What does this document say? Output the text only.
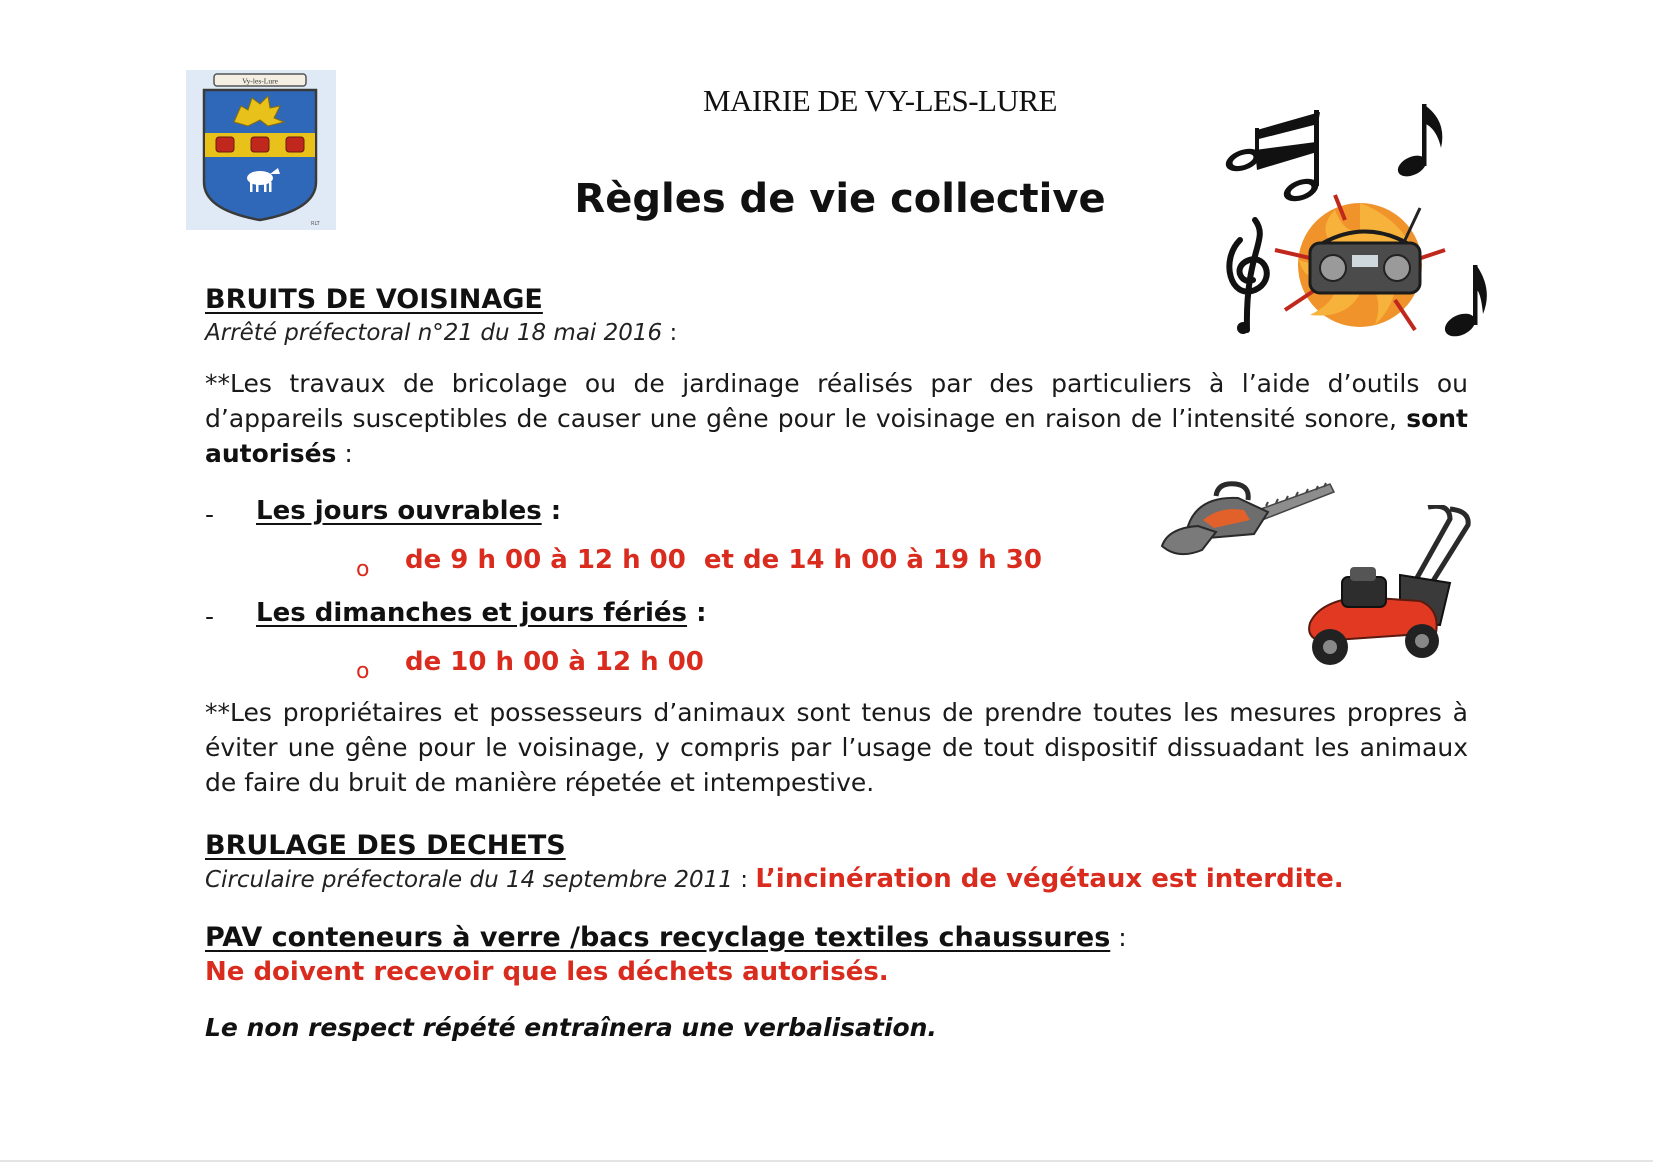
Vy-les-Lure
RLT
MAIRIE DE VY-LES-LURE
Règles de vie collective
BRUITS DE VOISINAGE
Arrêté préfectoral n°21 du 18 mai 2016 :
**Les travaux de bricolage ou de jardinage réalisés par des particuliers à l’aide d’outils ou d’appareils susceptibles de causer une gêne pour le voisinage en raison de l’intensité sonore, sont autorisés :
- Les jours ouvrables :
o de 9 h 00 à 12 h 00  et de 14 h 00 à 19 h 30
- Les dimanches et jours fériés :
o de 10 h 00 à 12 h 00
**Les propriétaires et possesseurs d’animaux sont tenus de prendre toutes les mesures propres à éviter une gêne pour le voisinage, y compris par l’usage de tout dispositif dissuadant les animaux de faire du bruit de manière répetée et intempestive.
BRULAGE DES DECHETS
Circulaire préfectorale du 14 septembre 2011 : L’incinération de végétaux est interdite.
PAV conteneurs à verre /bacs recyclage textiles chaussures :
Ne doivent recevoir que les déchets autorisés.
Le non respect répété entraînera une verbalisation.
